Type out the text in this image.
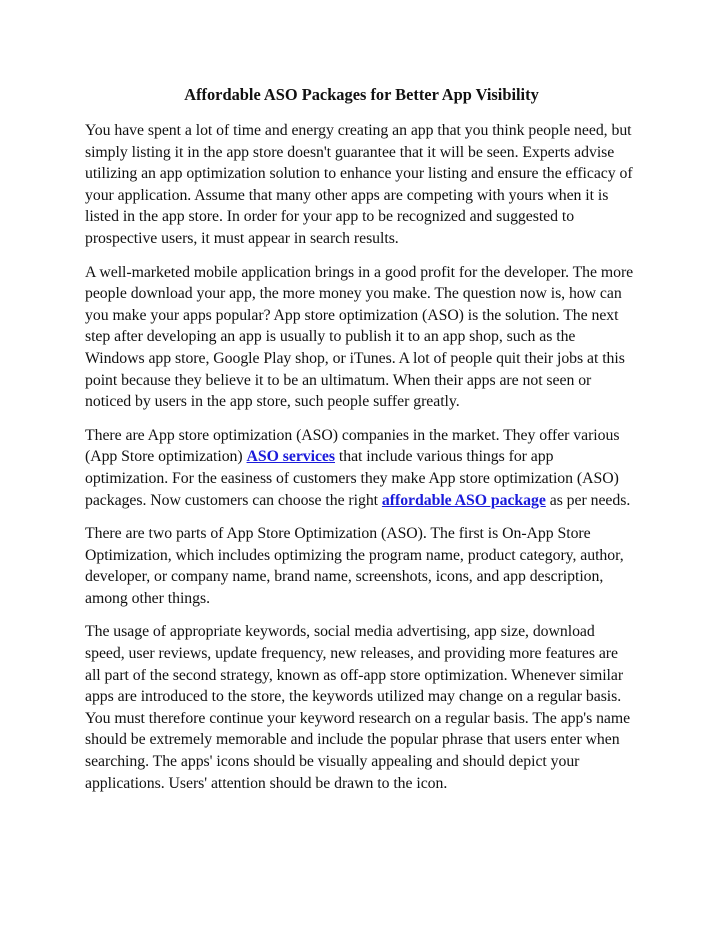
Affordable ASO Packages for Better App Visibility

You have spent a lot of time and energy creating an app that you think people need, but simply listing it in the app store doesn't guarantee that it will be seen. Experts advise utilizing an app optimization solution to enhance your listing and ensure the efficacy of your application. Assume that many other apps are competing with yours when it is listed in the app store. In order for your app to be recognized and suggested to prospective users, it must appear in search results.

A well-marketed mobile application brings in a good profit for the developer. The more people download your app, the more money you make. The question now is, how can you make your apps popular? App store optimization (ASO) is the solution. The next step after developing an app is usually to publish it to an app shop, such as the Windows app store, Google Play shop, or iTunes. A lot of people quit their jobs at this point because they believe it to be an ultimatum. When their apps are not seen or noticed by users in the app store, such people suffer greatly.

There are App store optimization (ASO) companies in the market. They offer various (App Store optimization) ASO services that include various things for app optimization. For the easiness of customers they make App store optimization (ASO) packages. Now customers can choose the right affordable ASO package as per needs.

There are two parts of App Store Optimization (ASO). The first is On-App Store Optimization, which includes optimizing the program name, product category, author, developer, or company name, brand name, screenshots, icons, and app description, among other things.

The usage of appropriate keywords, social media advertising, app size, download speed, user reviews, update frequency, new releases, and providing more features are all part of the second strategy, known as off-app store optimization. Whenever similar apps are introduced to the store, the keywords utilized may change on a regular basis. You must therefore continue your keyword research on a regular basis. The app's name should be extremely memorable and include the popular phrase that users enter when searching. The apps' icons should be visually appealing and should depict your applications. Users' attention should be drawn to the icon.
